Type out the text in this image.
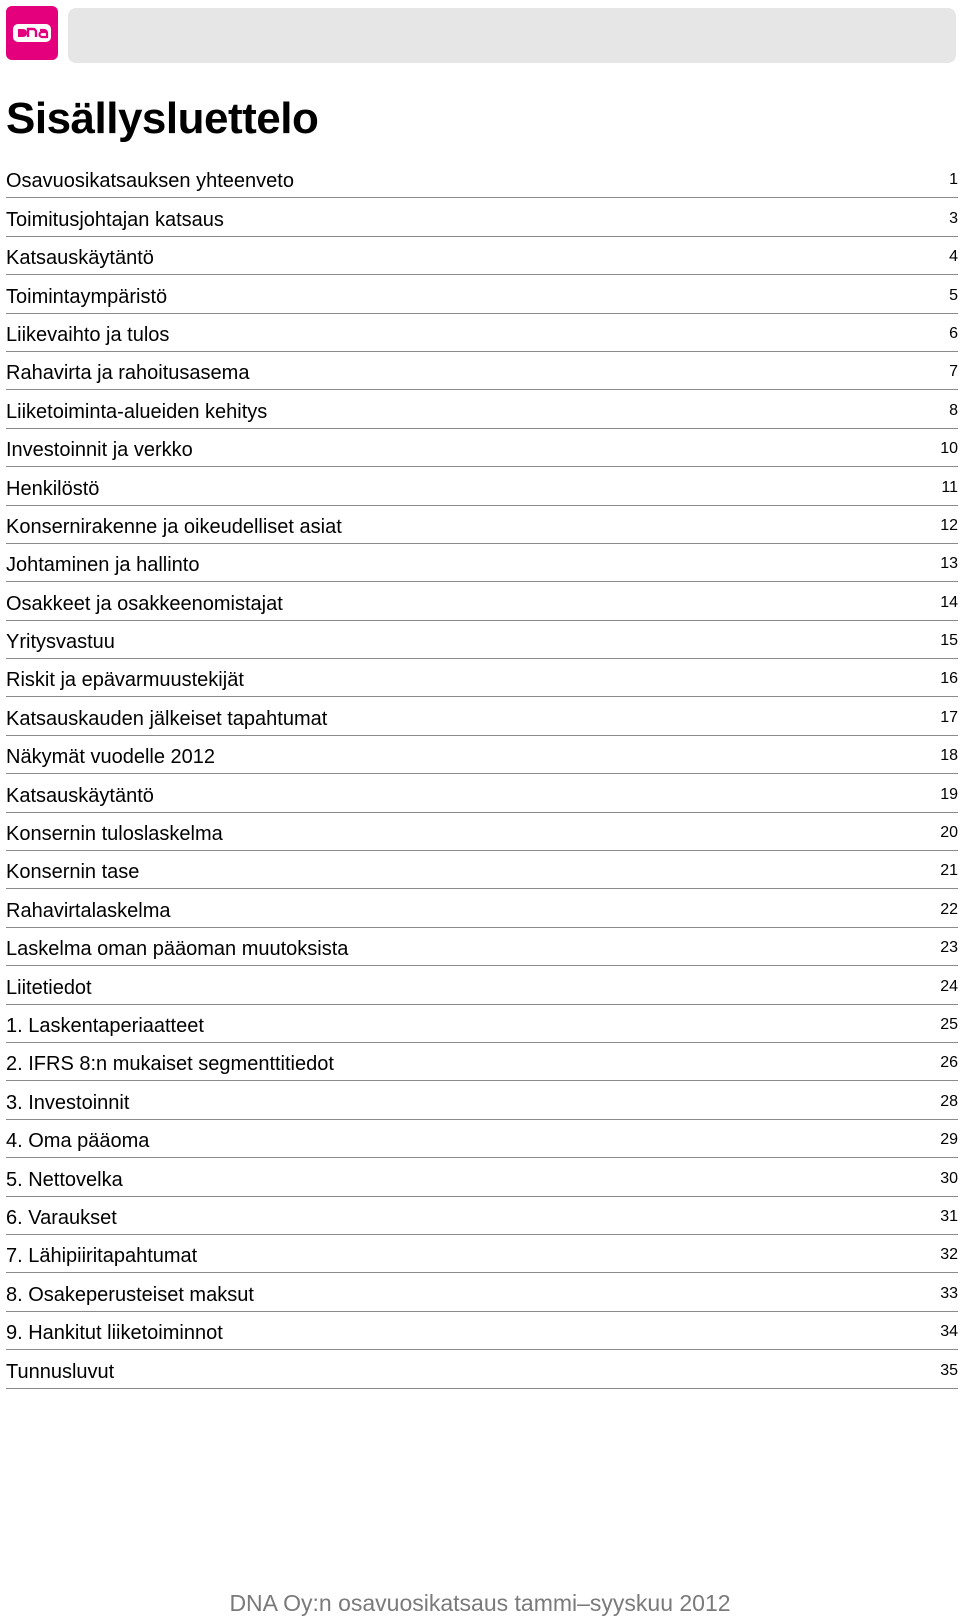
Sisällysluettelo
Osavuosikatsauksen yhteenveto	1
Toimitusjohtajan katsaus	3
Katsauskäytäntö	4
Toimintaympäristö	5
Liikevaihto ja tulos	6
Rahavirta ja rahoitusasema	7
Liiketoiminta-alueiden kehitys	8
Investoinnit ja verkko	10
Henkilöstö	11
Konsernirakenne ja oikeudelliset asiat	12
Johtaminen ja hallinto	13
Osakkeet ja osakkeenomistajat	14
Yritysvastuu	15
Riskit ja epävarmuustekijät	16
Katsauskauden jälkeiset tapahtumat	17
Näkymät vuodelle 2012	18
Katsauskäytäntö	19
Konsernin tuloslaskelma	20
Konsernin tase	21
Rahavirtalaskelma	22
Laskelma oman pääoman muutoksista	23
Liitetiedot	24
1. Laskentaperiaatteet	25
2. IFRS 8:n mukaiset segmenttitiedot	26
3. Investoinnit	28
4. Oma pääoma	29
5. Nettovelka	30
6. Varaukset	31
7. Lähipiiritapahtumat	32
8. Osakeperusteiset maksut	33
9. Hankitut liiketoiminnot	34
Tunnusluvut	35
DNA Oy:n osavuosikatsaus tammi–syyskuu 2012
